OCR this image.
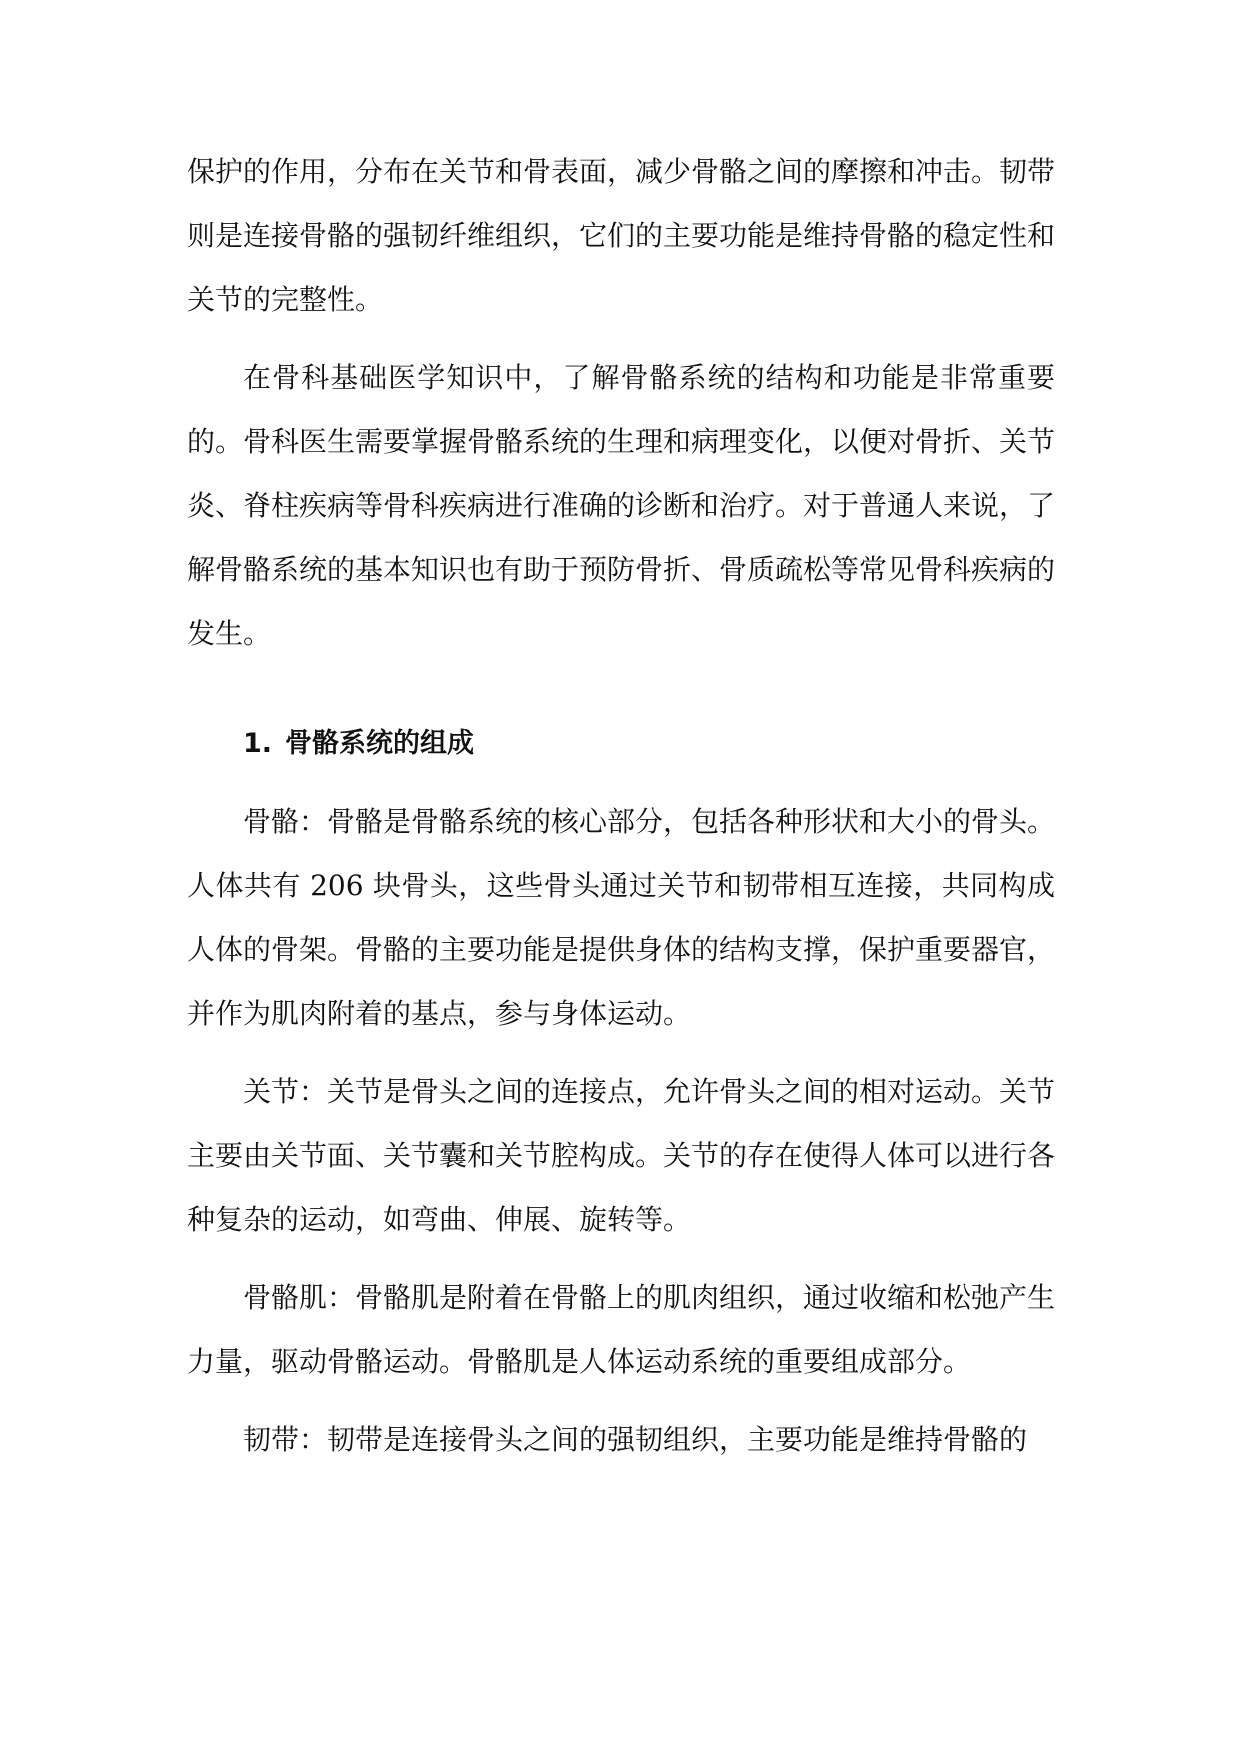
保护的作用，分布在关节和骨表面，减少骨骼之间的摩擦和冲击。韧带则是连接骨骼的强韧纤维组织，它们的主要功能是维持骨骼的稳定性和关节的完整性。

在骨科基础医学知识中，了解骨骼系统的结构和功能是非常重要的。骨科医生需要掌握骨骼系统的生理和病理变化，以便对骨折、关节炎、脊柱疾病等骨科疾病进行准确的诊断和治疗。对于普通人来说，了解骨骼系统的基本知识也有助于预防骨折、骨质疏松等常见骨科疾病的发生。

1. 骨骼系统的组成

骨骼：骨骼是骨骼系统的核心部分，包括各种形状和大小的骨头。人体共有 206 块骨头，这些骨头通过关节和韧带相互连接，共同构成人体的骨架。骨骼的主要功能是提供身体的结构支撑，保护重要器官，并作为肌肉附着的基点，参与身体运动。

关节：关节是骨头之间的连接点，允许骨头之间的相对运动。关节主要由关节面、关节囊和关节腔构成。关节的存在使得人体可以进行各种复杂的运动，如弯曲、伸展、旋转等。

骨骼肌：骨骼肌是附着在骨骼上的肌肉组织，通过收缩和松弛产生力量，驱动骨骼运动。骨骼肌是人体运动系统的重要组成部分。

韧带：韧带是连接骨头之间的强韧组织，主要功能是维持骨骼的
